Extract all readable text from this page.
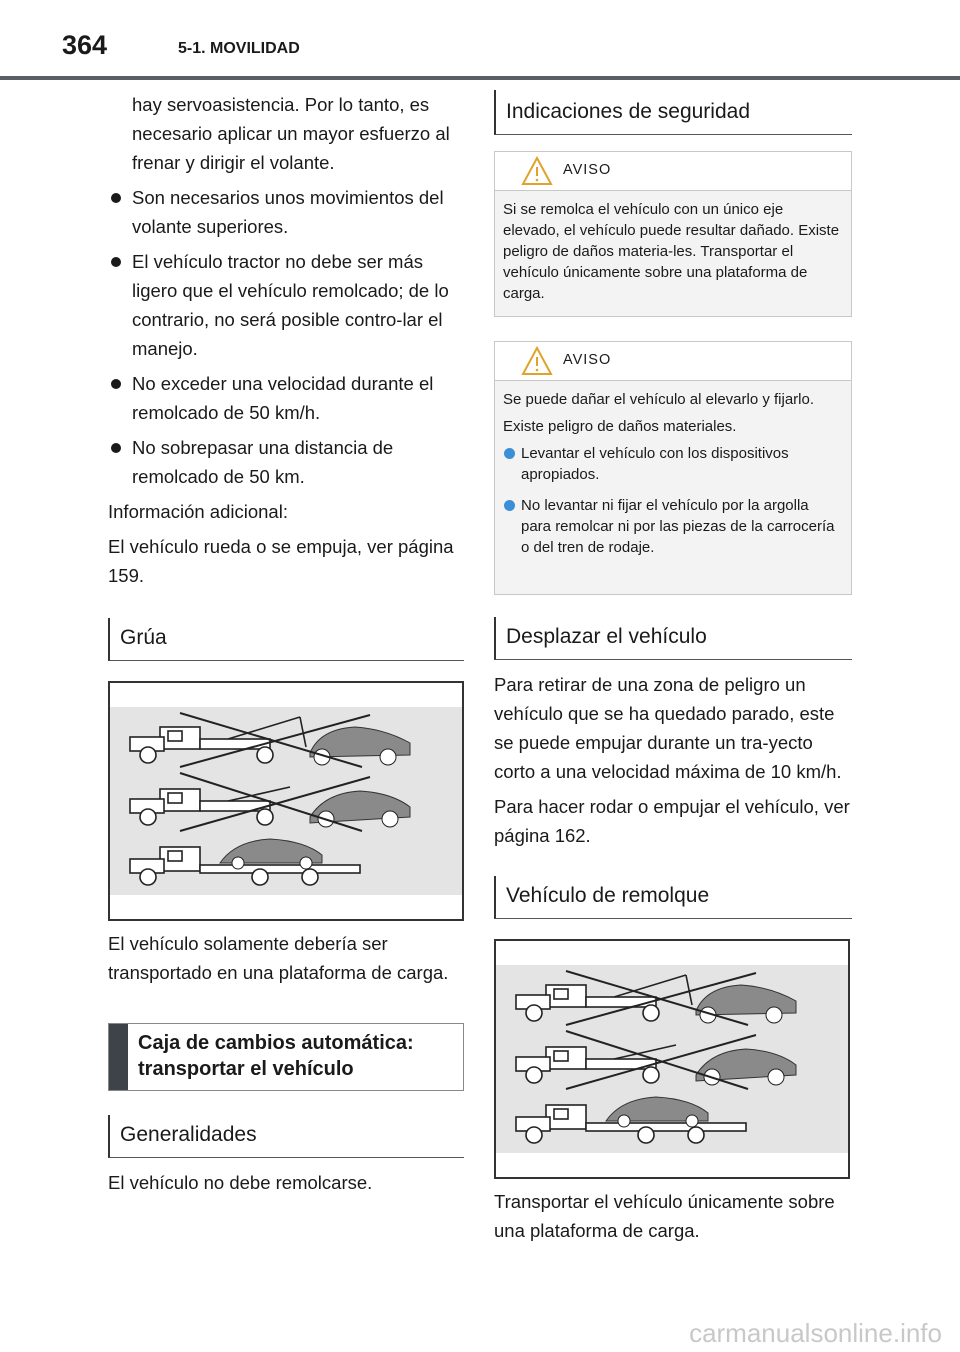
364	5-1. MOVILIDAD

hay servoasistencia. Por lo tanto, es necesario aplicar un mayor esfuerzo al frenar y dirigir el volante.

Son necesarios unos movimientos del volante superiores.
El vehículo tractor no debe ser más ligero que el vehículo remolcado; de lo contrario, no será posible contro-lar el manejo.
No exceder una velocidad durante el remolcado de 50 km/h.
No sobrepasar una distancia de remolcado de 50 km.

Información adicional:

El vehículo rueda o se empuja, ver página 159.

Grúa

El vehículo solamente debería ser transportado en una plataforma de carga.

Caja de cambios automática: transportar el vehículo
Generalidades

El vehículo no debe remolcarse.

Indicaciones de seguridad
AVISO

Si se remolca el vehículo con un único eje elevado, el vehículo puede resultar dañado. Existe peligro de daños materia-les. Transportar el vehículo únicamente sobre una plataforma de carga.

AVISO

Se puede dañar el vehículo al elevarlo y fijarlo.

Existe peligro de daños materiales.

Levantar el vehículo con los dispositivos apropiados.
No levantar ni fijar el vehículo por la argolla para remolcar ni por las piezas de la carrocería o del tren de rodaje.
Desplazar el vehículo

Para retirar de una zona de peligro un vehículo que se ha quedado parado, este se puede empujar durante un tra-yecto corto a una velocidad máxima de 10 km/h.

Para hacer rodar o empujar el vehículo, ver página 162.

Vehículo de remolque

Transportar el vehículo únicamente sobre una plataforma de carga.

carmanualsonline.info
